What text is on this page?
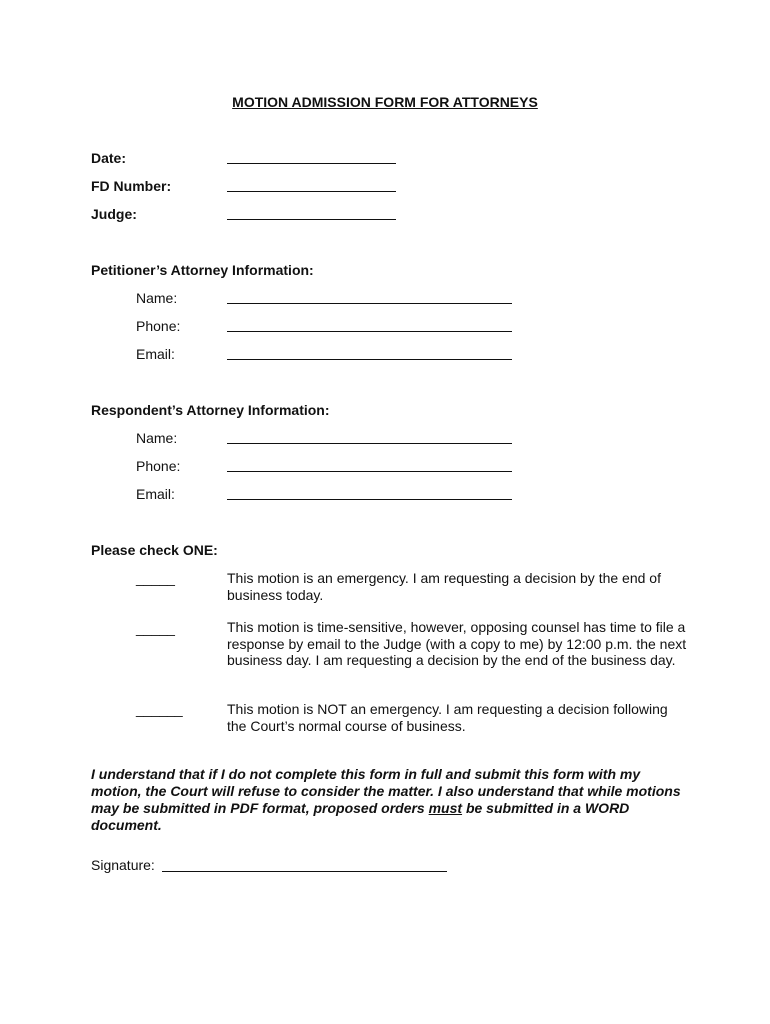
MOTION ADMISSION FORM FOR ATTORNEYS
Date:
FD Number:
Judge:
Petitioner’s Attorney Information:
Name:
Phone:
Email:
Respondent’s Attorney Information:
Name:
Phone:
Email:
Please check ONE:
_____	This motion is an emergency. I am requesting a decision by the end of business today.
_____	This motion is time-sensitive, however, opposing counsel has time to file a response by email to the Judge (with a copy to me) by 12:00 p.m. the next business day. I am requesting a decision by the end of the business day.
______	This motion is NOT an emergency. I am requesting a decision following the Court’s normal course of business.
I understand that if I do not complete this form in full and submit this form with my motion, the Court will refuse to consider the matter. I also understand that while motions may be submitted in PDF format, proposed orders must be submitted in a WORD document.
Signature:
